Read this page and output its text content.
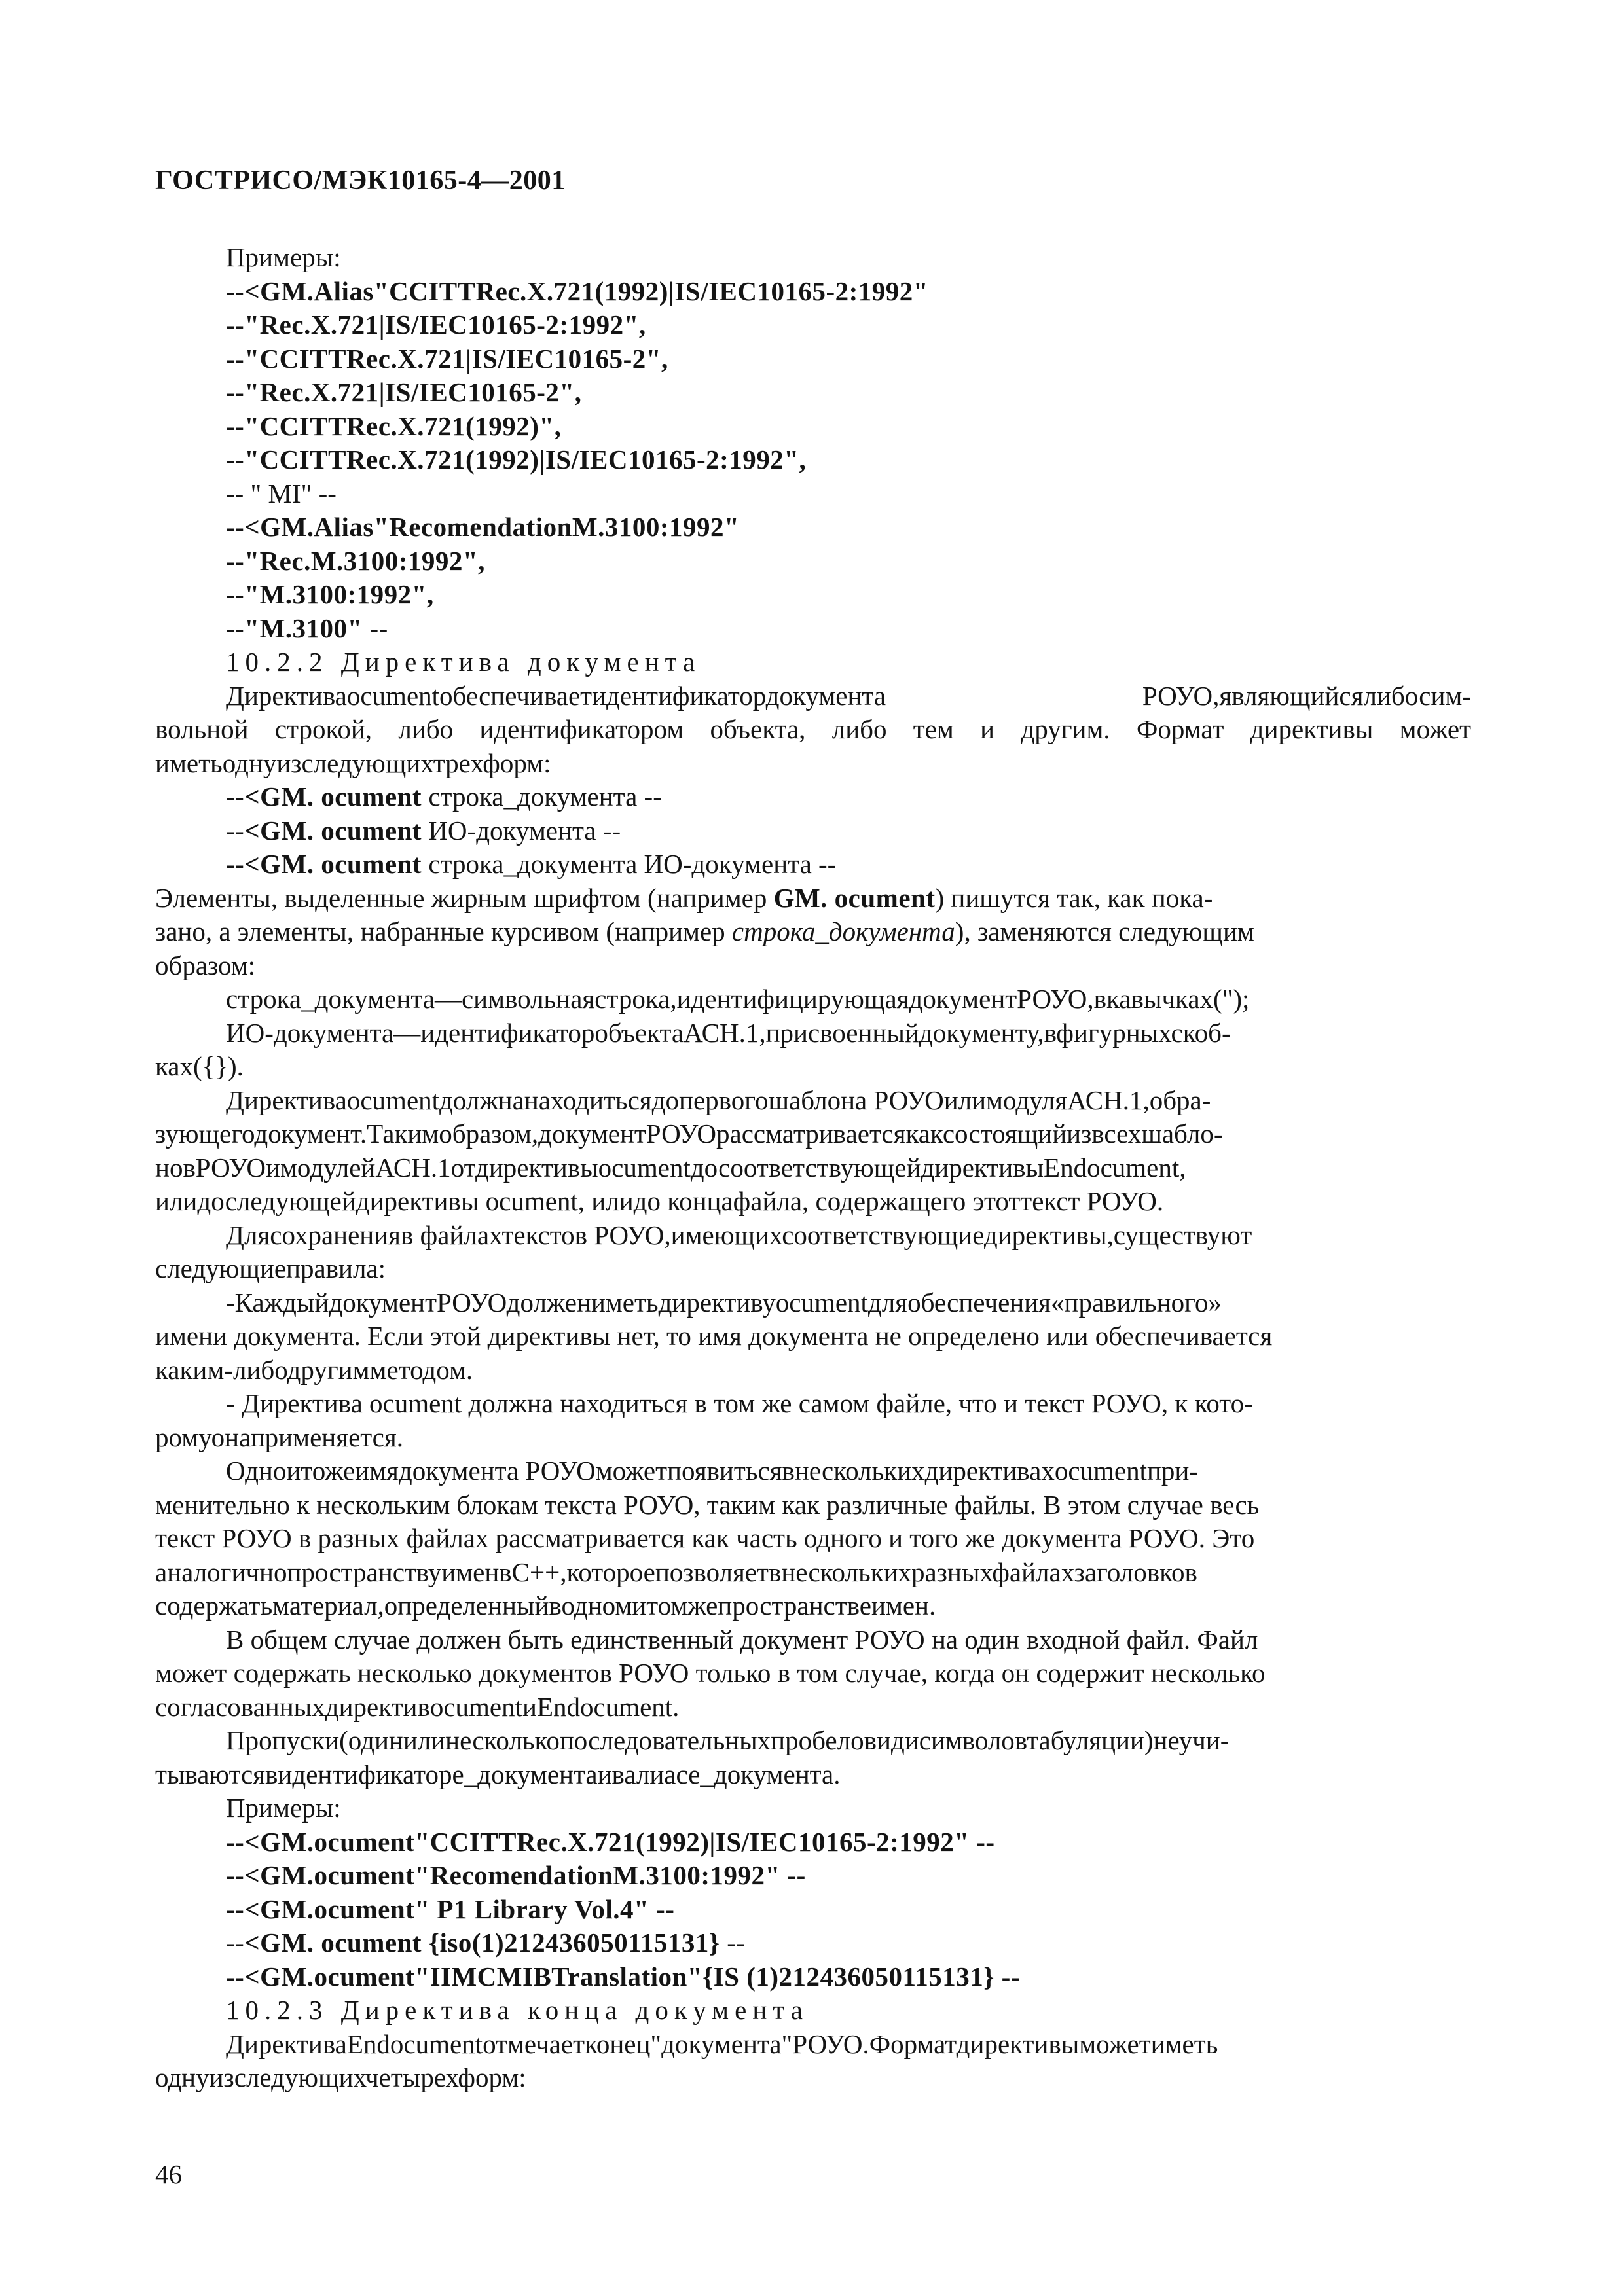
ГОСТРИСО/МЭК10165-4—2001
Примеры:
--<GM.Alias"CCITTRec.X.721(1992)|IS/IEC10165-2:1992"
--"Rec.X.721|IS/IEC10165-2:1992",
--"CCITTRec.X.721|IS/IEC10165-2",
--"Rec.X.721|IS/IEC10165-2",
--"CCITTRec.X.721(1992)",
--"CCITTRec.X.721(1992)|IS/IEC10165-2:1992",
-- " MI" --
--<GM.Alias"RecomendationM.3100:1992"
--"Rec.M.3100:1992",
--"M.3100:1992",
--"M.3100" --
10.2.2 Директива документа
Директиваocumentобеспечиваетидентификатордокумента РОУО,являющийсялибосим-
вольной строкой, либо идентификатором объекта, либо тем и другим. Формат директивы может
иметьоднуизследующихтрехформ:
--<GM. ocument строка_документа --
--<GM. ocument ИО-документа --
--<GM. ocument строка_документа ИО-документа --
Элементы, выделенные жирным шрифтом (например GM. ocument) пишутся так, как пока-
зано, а элементы, набранные курсивом (например строка_документа), заменяются следующим
образом:
строка_документа—символьнаястрока,идентифицирующаядокументРОУО,вкавычках(");
ИО-документа—идентификаторобъектаАСН.1,присвоенныйдокументу,вфигурныхскоб-
ках({}).
Директиваocumentдолжнанаходитьсядопервогошаблона РОУОилимодуляАСН.1,обра-
зующегодокумент.Такимобразом,документРОУОрассматриваетсякаксостоящийизвсехшабло-
новРОУОимодулейАСН.1отдирективыocumentдосоответствующейдирективыEndocument,
илидоследующейдирективы ocument, илидо концафайла, содержащего этоттекст РОУО.
Длясохраненияв файлахтекстов РОУО,имеющихсоответствующиедирективы,существуют
следующиеправила:
-КаждыйдокументРОУОдолжениметьдирективуocumentдляобеспечения«правильного»
имени документа. Если этой директивы нет, то имя документа не определено или обеспечивается
каким-либодругимметодом.
- Директива ocument должна находиться в том же самом файле, что и текст РОУО, к кото-
ромуонаприменяется.
Одноитожеимядокумента РОУОможетпоявитьсявнесколькихдирективахocumentпри-
менительно к нескольким блокам текста РОУО, таким как различные файлы. В этом случае весь
текст РОУО в разных файлах рассматривается как часть одного и того же документа РОУО. Это
аналогичнопространствуименвС++,котороепозволяетвнесколькихразныхфайлахзаголовков
содержатьматериал,определенныйводномитомжепространствеимен.
В общем случае должен быть единственный документ РОУО на один входной файл. Файл
может содержать несколько документов РОУО только в том случае, когда он содержит несколько
согласованныхдирективocumentиEndocument.
Пропуски(одинилинесколькопоследовательныхпробеловидисимволовтабуляции)неучи-
тываютсявидентификаторе_документаивалиасе_документа.
Примеры:
--<GM.ocument"CCITTRec.X.721(1992)|IS/IEC10165-2:1992" --
--<GM.ocument"RecomendationM.3100:1992" --
--<GM.ocument" P1 Library Vol.4" --
--<GM. ocument {iso(1)212436050115131} --
--<GM.ocument"IIMCMIBTranslation"{IS (1)212436050115131} --
10.2.3 Директива конца документа
ДирективаEndocumentотмечаетконец"документа"РОУО.Форматдирективыможетиметь
однуизследующихчетырехформ:
46
